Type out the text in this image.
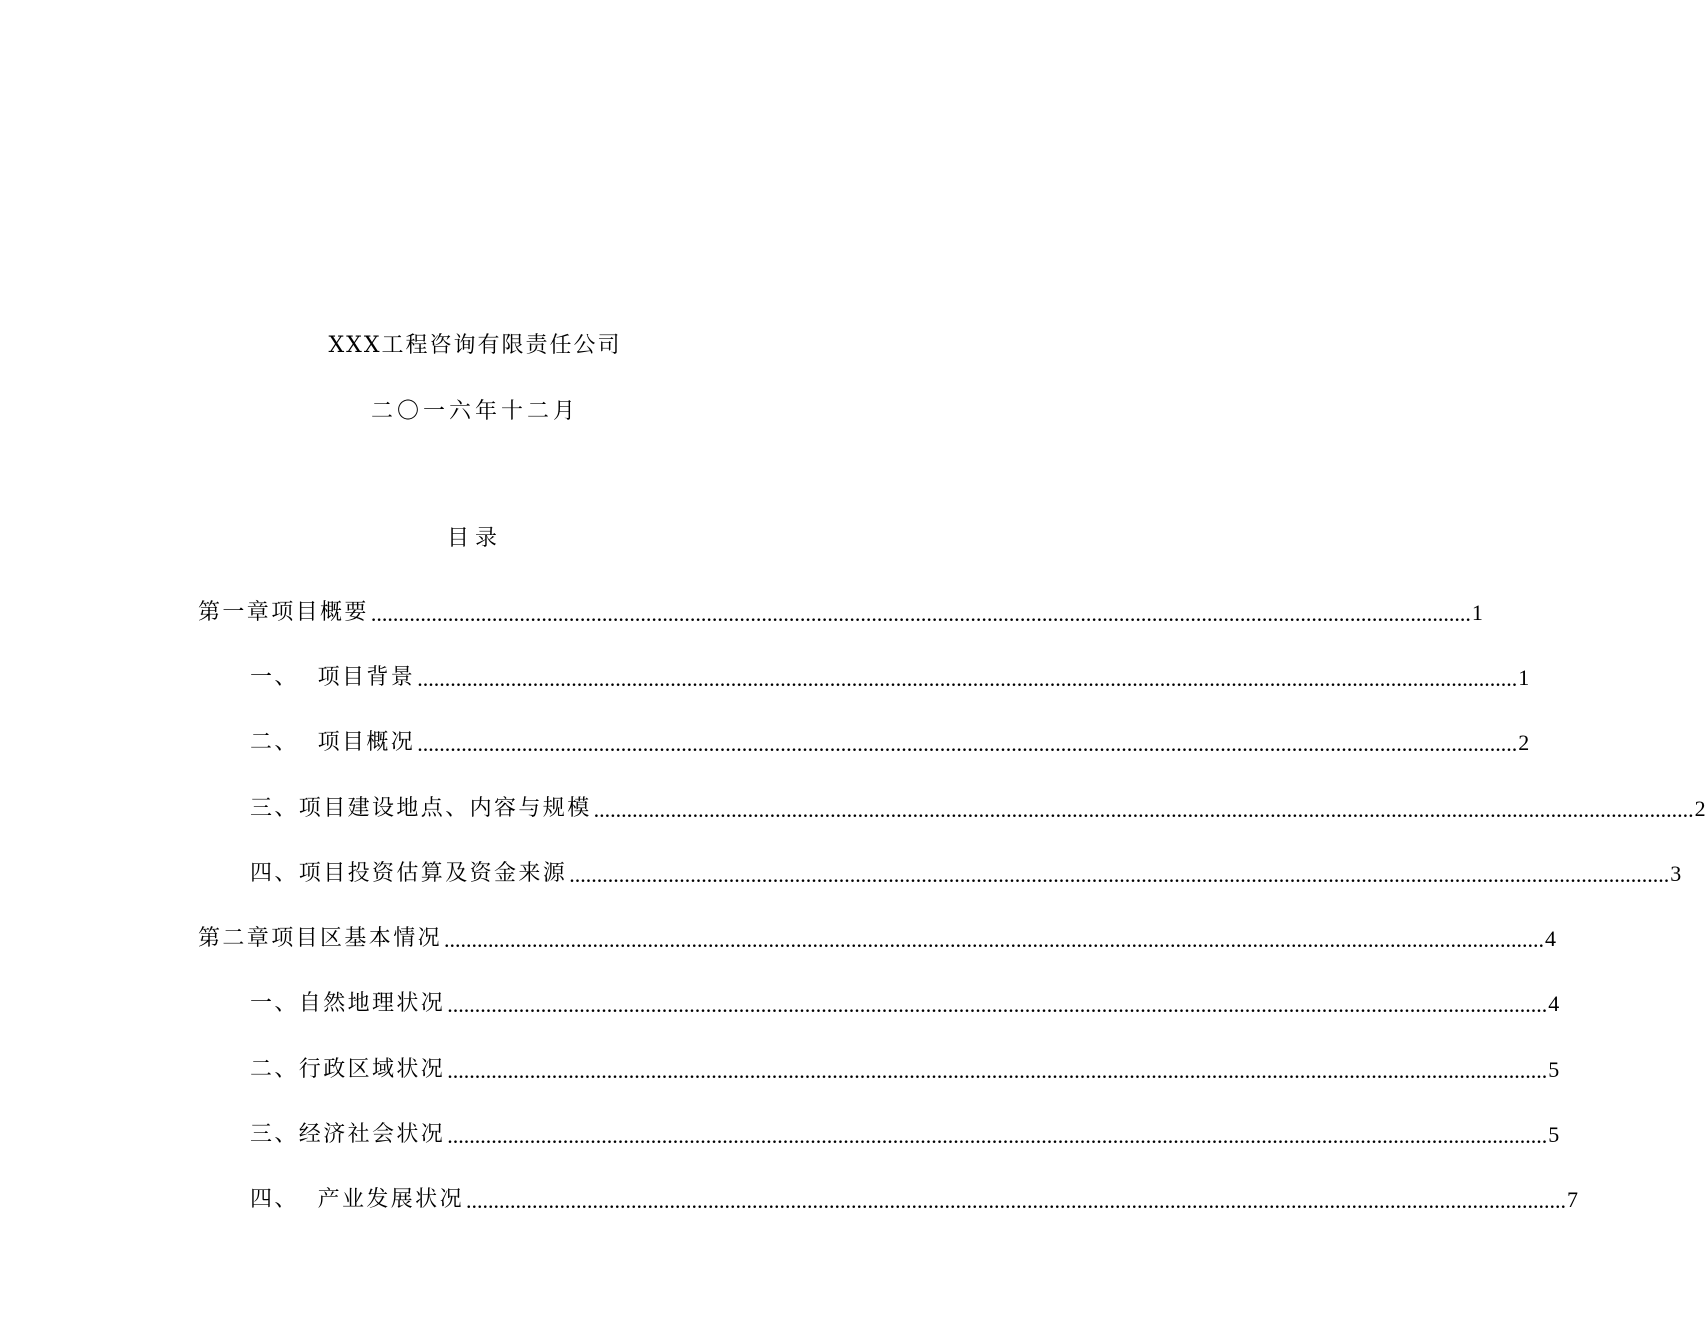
XXX工程咨询有限责任公司
二〇一六年十二月
目录
第一章项目概要 ........................................................................................................................................................................................................ 1
一、  项目背景 ........................................................................................................................................................................................................ 1
二、  项目概况 ........................................................................................................................................................................................................ 2
三、项目建设地点、内容与规模 ........................................................................................................................................................................................................ 2
四、项目投资估算及资金来源 ........................................................................................................................................................................................................ 3
第二章项目区基本情况 ........................................................................................................................................................................................................ 4
一、自然地理状况 ........................................................................................................................................................................................................ 4
二、行政区域状况 ........................................................................................................................................................................................................ 5
三、经济社会状况 ........................................................................................................................................................................................................ 5
四、  产业发展状况 ........................................................................................................................................................................................................ 7
